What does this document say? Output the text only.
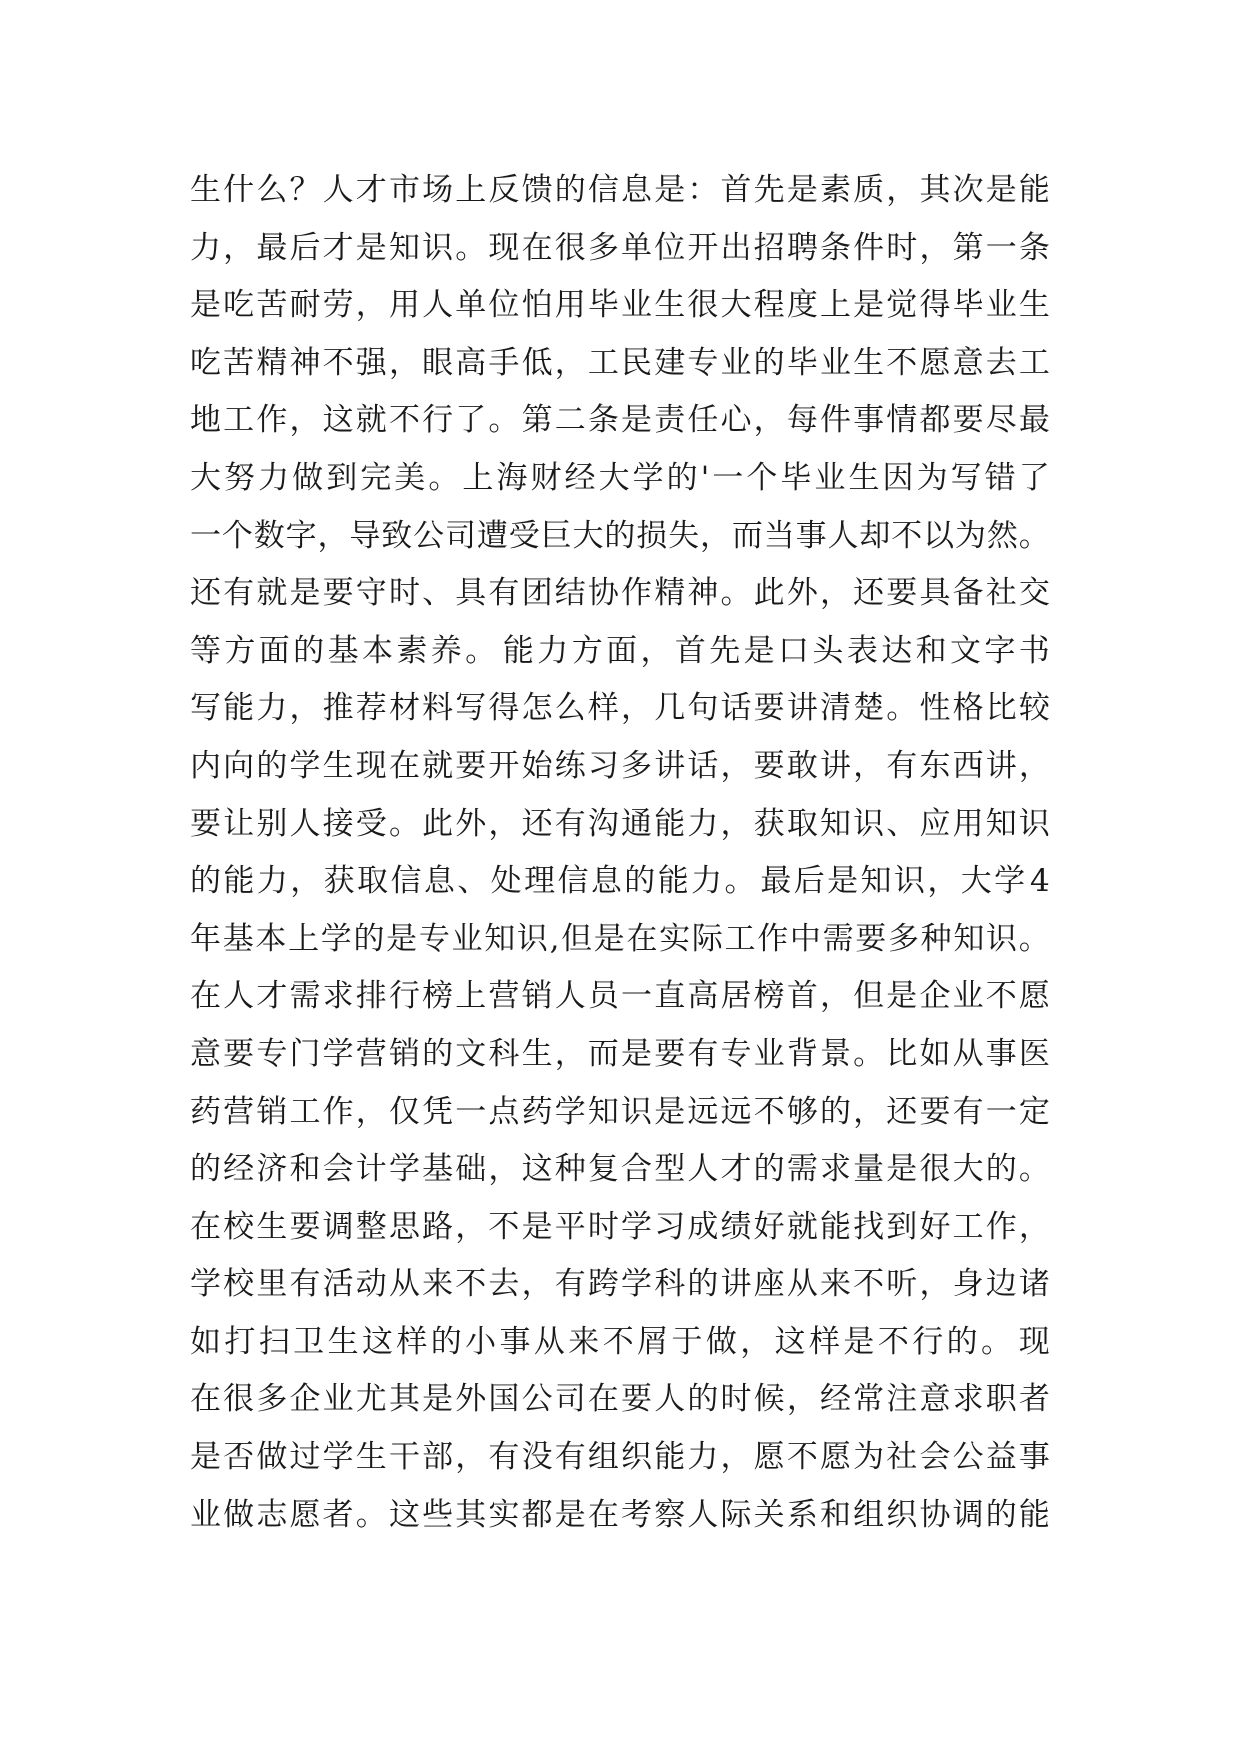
生 什 么 ？ 人 才 市 场 上 反 馈 的 信 息 是 ： 首 先 是 素 质 ， 其 次 是 能
力 ， 最 后 才 是 知 识 。 现 在 很 多 单 位 开 出 招 聘 条 件 时 ， 第 一 条
是 吃 苦 耐 劳 ， 用 人 单 位 怕 用 毕 业 生 很 大 程 度 上 是 觉 得 毕 业 生
吃 苦 精 神 不 强 ， 眼 高 手 低 ， 工 民 建 专 业 的 毕 业 生 不 愿 意 去 工
地 工 作 ， 这 就 不 行 了 。 第 二 条 是 责 任 心 ， 每 件 事 情 都 要 尽 最
大 努 力 做 到 完 美 。 上 海 财 经 大 学 的 ' 一 个 毕 业 生 因 为 写 错 了
一 个 数 字 ， 导 致 公 司 遭 受 巨 大 的 损 失 ， 而 当 事 人 却 不 以 为 然 。
还 有 就 是 要 守 时 、 具 有 团 结 协 作 精 神 。 此 外 ， 还 要 具 备 社 交
等 方 面 的 基 本 素 养 。 能 力 方 面 ， 首 先 是 口 头 表 达 和 文 字 书
写 能 力 ， 推 荐 材 料 写 得 怎 么 样 ， 几 句 话 要 讲 清 楚 。 性 格 比 较
内 向 的 学 生 现 在 就 要 开 始 练 习 多 讲 话 ， 要 敢 讲 ， 有 东 西 讲 ，
要 让 别 人 接 受 。 此 外 ， 还 有 沟 通 能 力 ， 获 取 知 识 、 应 用 知 识
的 能 力 ， 获 取 信 息 、 处 理 信 息 的 能 力 。 最 后 是 知 识 ， 大 学 4
年 基 本 上 学 的 是 专 业 知 识 , 但 是 在 实 际 工 作 中 需 要 多 种 知 识 。
在 人 才 需 求 排 行 榜 上 营 销 人 员 一 直 高 居 榜 首 ， 但 是 企 业 不 愿
意 要 专 门 学 营 销 的 文 科 生 ， 而 是 要 有 专 业 背 景 。 比 如 从 事 医
药 营 销 工 作 ， 仅 凭 一 点 药 学 知 识 是 远 远 不 够 的 ， 还 要 有 一 定
的 经 济 和 会 计 学 基 础 ， 这 种 复 合 型 人 才 的 需 求 量 是 很 大 的 。
在 校 生 要 调 整 思 路 ， 不 是 平 时 学 习 成 绩 好 就 能 找 到 好 工 作 ，
学 校 里 有 活 动 从 来 不 去 ， 有 跨 学 科 的 讲 座 从 来 不 听 ， 身 边 诸
如 打 扫 卫 生 这 样 的 小 事 从 来 不 屑 于 做 ， 这 样 是 不 行 的 。 现
在 很 多 企 业 尤 其 是 外 国 公 司 在 要 人 的 时 候 ， 经 常 注 意 求 职 者
是 否 做 过 学 生 干 部 ， 有 没 有 组 织 能 力 ， 愿 不 愿 为 社 会 公 益 事
业 做 志 愿 者 。 这 些 其 实 都 是 在 考 察 人 际 关 系 和 组 织 协 调 的 能
